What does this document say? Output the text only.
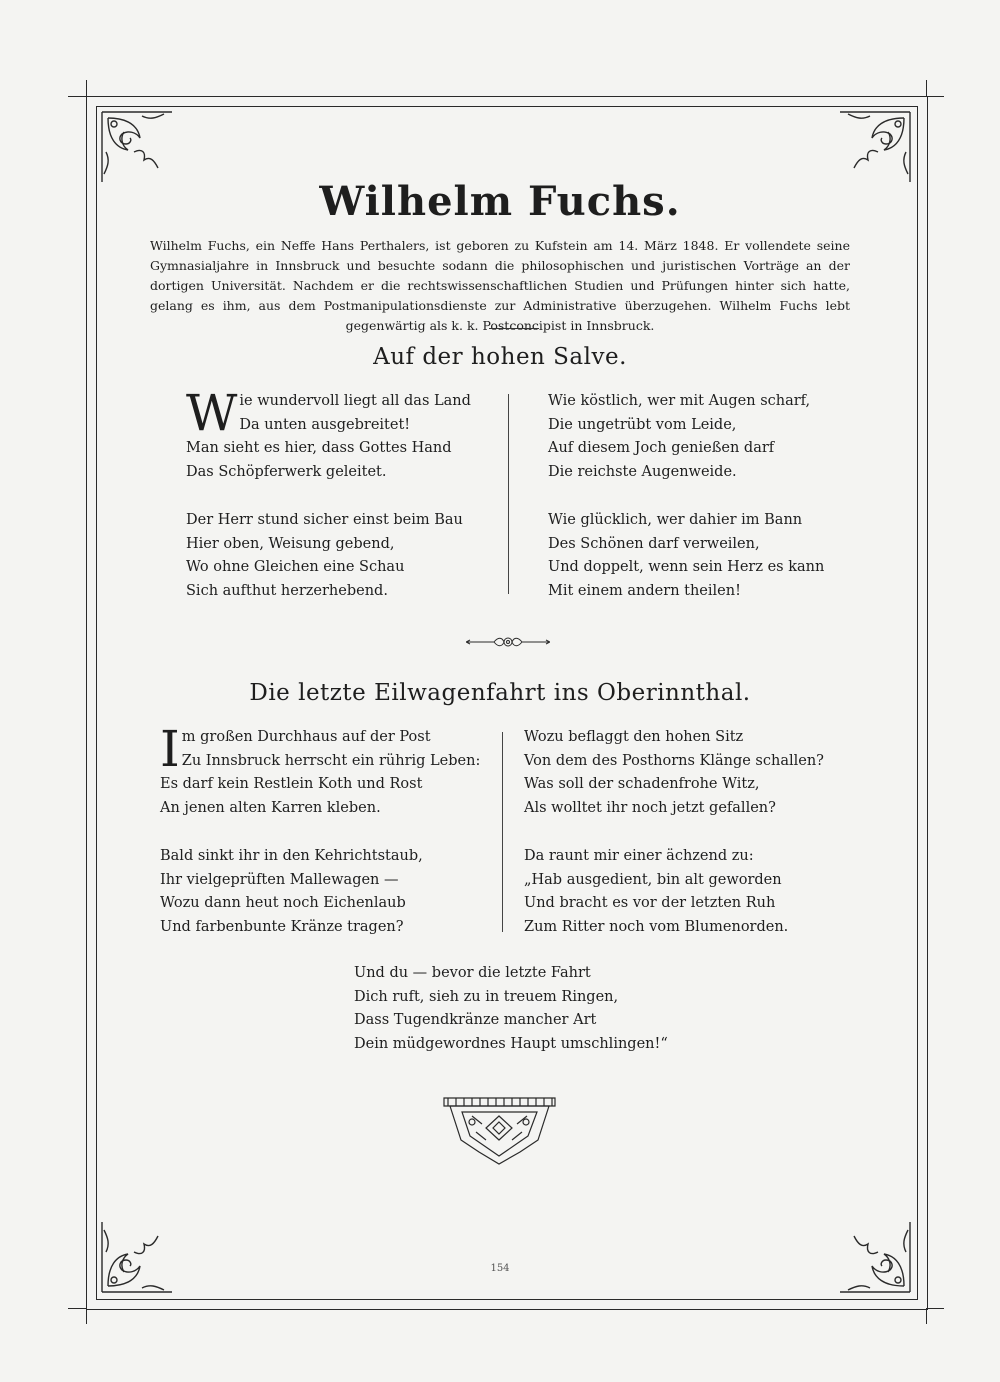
Wilhelm Fuchs.
Wilhelm Fuchs, ein Neffe Hans Perthalers, ist geboren zu Kufstein am 14. März 1848. Er vollendete seine Gymnasialjahre in Innsbruck und besuchte sodann die philosophischen und juristischen Vorträge an der dortigen Universität. Nachdem er die rechtswissenschaftlichen Studien und Prüfungen hinter sich hatte, gelang es ihm, aus dem Postmanipulationsdienste zur Administrative überzugehen. Wilhelm Fuchs lebt gegenwärtig als k. k. Postconcipist in Innsbruck.
Auf der hohen Salve.
W ie wundervoll liegt all das Land
Da unten ausgebreitet!
Man sieht es hier, dass Gottes Hand
Das Schöpferwerk geleitet.
Der Herr stund sicher einst beim Bau
Hier oben, Weisung gebend,
Wo ohne Gleichen eine Schau
Sich aufthut herzerhebend.
Wie köstlich, wer mit Augen scharf,
Die ungetrübt vom Leide,
Auf diesem Joch genießen darf
Die reichste Augenweide.
Wie glücklich, wer dahier im Bann
Des Schönen darf verweilen,
Und doppelt, wenn sein Herz es kann
Mit einem andern theilen!
Die letzte Eilwagenfahrt ins Oberinnthal.
I m großen Durchhaus auf der Post
Zu Innsbruck herrscht ein rührig Leben:
Es darf kein Restlein Koth und Rost
An jenen alten Karren kleben.
Bald sinkt ihr in den Kehrichtstaub,
Ihr vielgeprüften Mallewagen —
Wozu dann heut noch Eichenlaub
Und farbenbunte Kränze tragen?
Wozu beflaggt den hohen Sitz
Von dem des Posthorns Klänge schallen?
Was soll der schadenfrohe Witz,
Als wolltet ihr noch jetzt gefallen?
Da raunt mir einer ächzend zu:
„Hab ausgedient, bin alt geworden
Und bracht es vor der letzten Ruh
Zum Ritter noch vom Blumenorden.
Und du — bevor die letzte Fahrt
Dich ruft, sieh zu in treuem Ringen,
Dass Tugendkränze mancher Art
Dein müdgewordnes Haupt umschlingen!“
154
